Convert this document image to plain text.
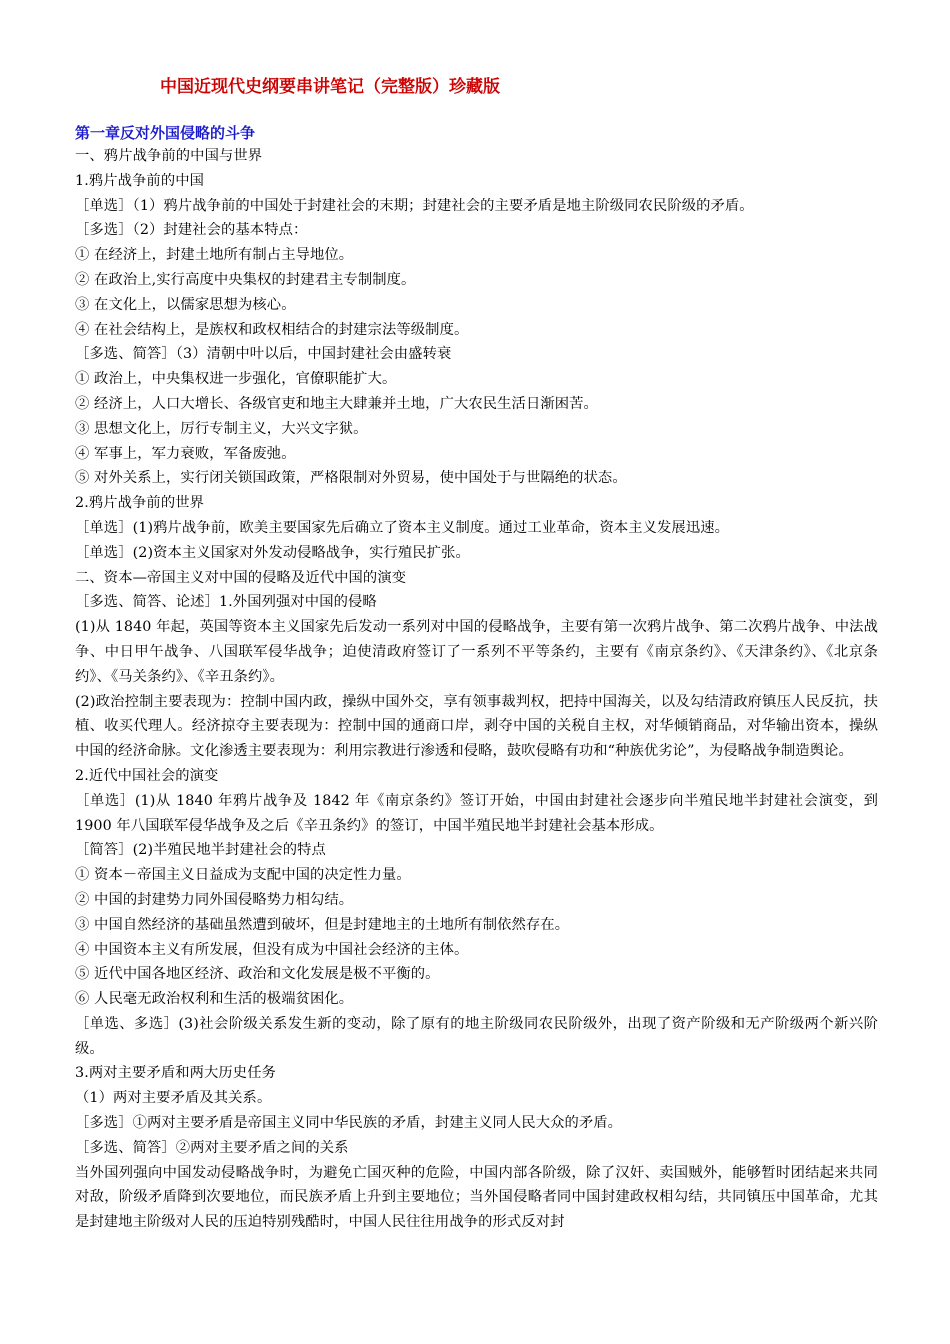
中国近现代史纲要串讲笔记（完整版）珍藏版
第一章反对外国侵略的斗争

一、鸦片战争前的中国与世界

1.鸦片战争前的中国

［单选］（1）鸦片战争前的中国处于封建社会的末期；封建社会的主要矛盾是地主阶级同农民阶级的矛盾。

［多选］（2）封建社会的基本特点：

① 在经济上，封建土地所有制占主导地位。

② 在政治上,实行高度中央集权的封建君主专制制度。

③ 在文化上，以儒家思想为核心。

④ 在社会结构上，是族权和政权相结合的封建宗法等级制度。

［多选、简答］（3）清朝中叶以后，中国封建社会由盛转衰

① 政治上，中央集权进一步强化，官僚职能扩大。

② 经济上，人口大增长、各级官吏和地主大肆兼并土地，广大农民生活日渐困苦。

③ 思想文化上，厉行专制主义，大兴文字狱。

④ 军事上，军力衰败，军备废弛。

⑤ 对外关系上，实行闭关锁国政策，严格限制对外贸易，使中国处于与世隔绝的状态。

2.鸦片战争前的世界

［单选］(1)鸦片战争前，欧美主要国家先后确立了资本主义制度。通过工业革命，资本主义发展迅速。

［单选］(2)资本主义国家对外发动侵略战争，实行殖民扩张。

二、资本—帝国主义对中国的侵略及近代中国的演变

［多选、简答、论述］1.外国列强对中国的侵略

(1)从 1840 年起，英国等资本主义国家先后发动一系列对中国的侵略战争，主要有第一次鸦片战争、第二次鸦片战争、中法战争、中日甲午战争、八国联军侵华战争；迫使清政府签订了一系列不平等条约，主要有《南京条约》、《天津条约》、《北京条约》、《马关条约》、《辛丑条约》。

(2)政治控制主要表现为：控制中国内政，操纵中国外交，享有领事裁判权，把持中国海关，以及勾结清政府镇压人民反抗，扶植、收买代理人。经济掠夺主要表现为：控制中国的通商口岸，剥夺中国的关税自主权，对华倾销商品，对华输出资本，操纵中国的经济命脉。文化渗透主要表现为：利用宗教进行渗透和侵略，鼓吹侵略有功和“种族优劣论”，为侵略战争制造舆论。

2.近代中国社会的演变

［单选］(1)从 1840 年鸦片战争及 1842 年《南京条约》签订开始，中国由封建社会逐步向半殖民地半封建社会演变，到 1900 年八国联军侵华战争及之后《辛丑条约》的签订，中国半殖民地半封建社会基本形成。

［简答］(2)半殖民地半封建社会的特点

① 资本－帝国主义日益成为支配中国的决定性力量。

② 中国的封建势力同外国侵略势力相勾结。

③ 中国自然经济的基础虽然遭到破坏，但是封建地主的土地所有制依然存在。

④ 中国资本主义有所发展，但没有成为中国社会经济的主体。

⑤ 近代中国各地区经济、政治和文化发展是极不平衡的。

⑥ 人民毫无政治权利和生活的极端贫困化。

［单选、多选］(3)社会阶级关系发生新的变动，除了原有的地主阶级同农民阶级外，出现了资产阶级和无产阶级两个新兴阶级。

3.两对主要矛盾和两大历史任务

（1）两对主要矛盾及其关系。

［多选］①两对主要矛盾是帝国主义同中华民族的矛盾，封建主义同人民大众的矛盾。

［多选、简答］②两对主要矛盾之间的关系

当外国列强向中国发动侵略战争时，为避免亡国灭种的危险，中国内部各阶级，除了汉奸、卖国贼外，能够暂时团结起来共同对敌，阶级矛盾降到次要地位，而民族矛盾上升到主要地位；当外国侵略者同中国封建政权相勾结，共同镇压中国革命，尤其是封建地主阶级对人民的压迫特别残酷时，中国人民往往用战争的形式反对封
